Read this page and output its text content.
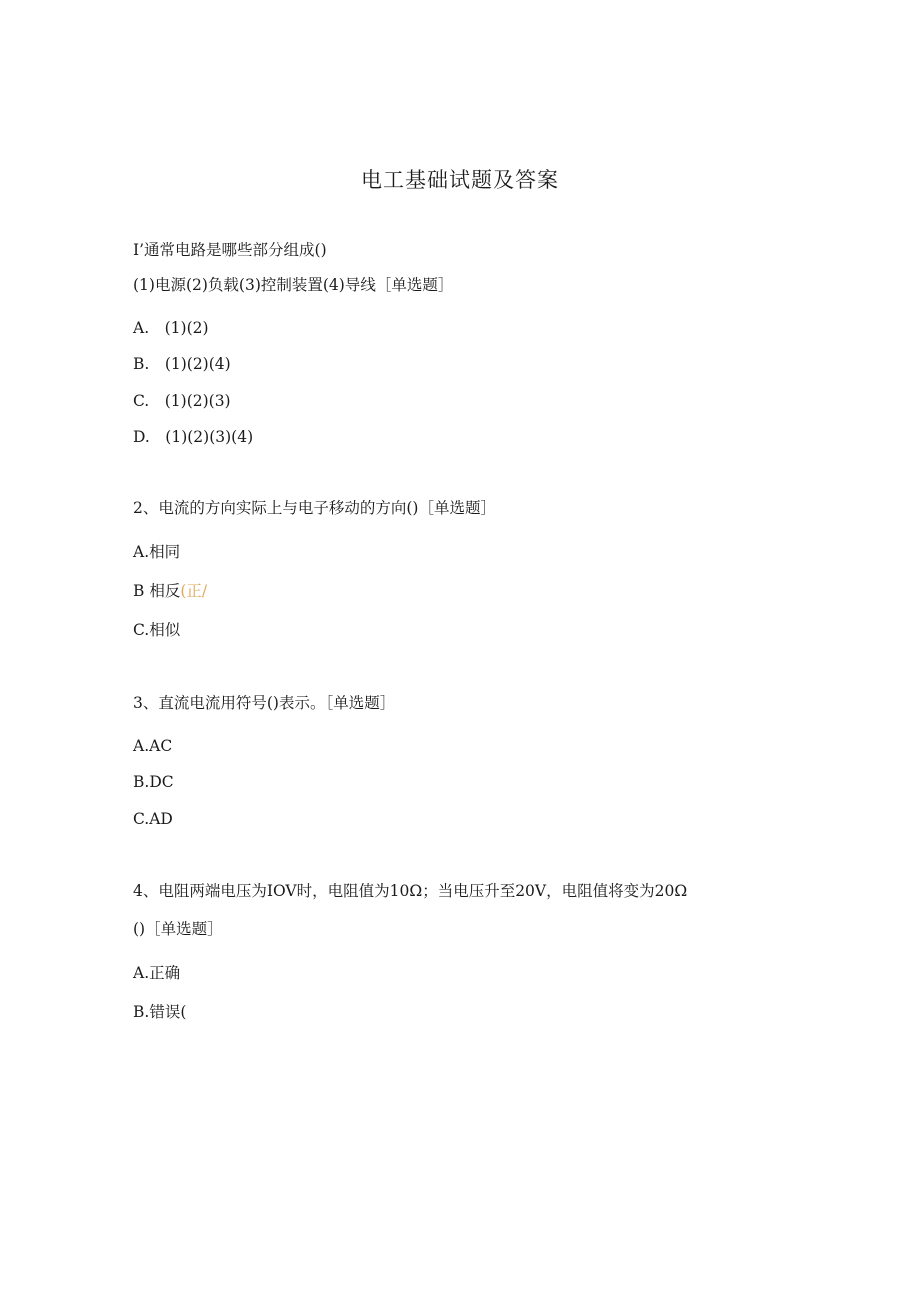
电工基础试题及答案
I’通常电路是哪些部分组成()
(1)电源(2)负载(3)控制装置(4)导线［单选题］
A.　(1)(2)
B.　(1)(2)(4)
C.　(1)(2)(3)
D.　(1)(2)(3)(4)
2、电流的方向实际上与电子移动的方向()［单选题］
A.相同
B 相反(正/
C.相似
3、直流电流用符号()表示。［单选题］
A.AC
B.DC
C.AD
4、电阻两端电压为IOV时，电阻值为10Ω；当电压升至20V，电阻值将变为20Ω
()［单选题］
A.正确
B.错误(
